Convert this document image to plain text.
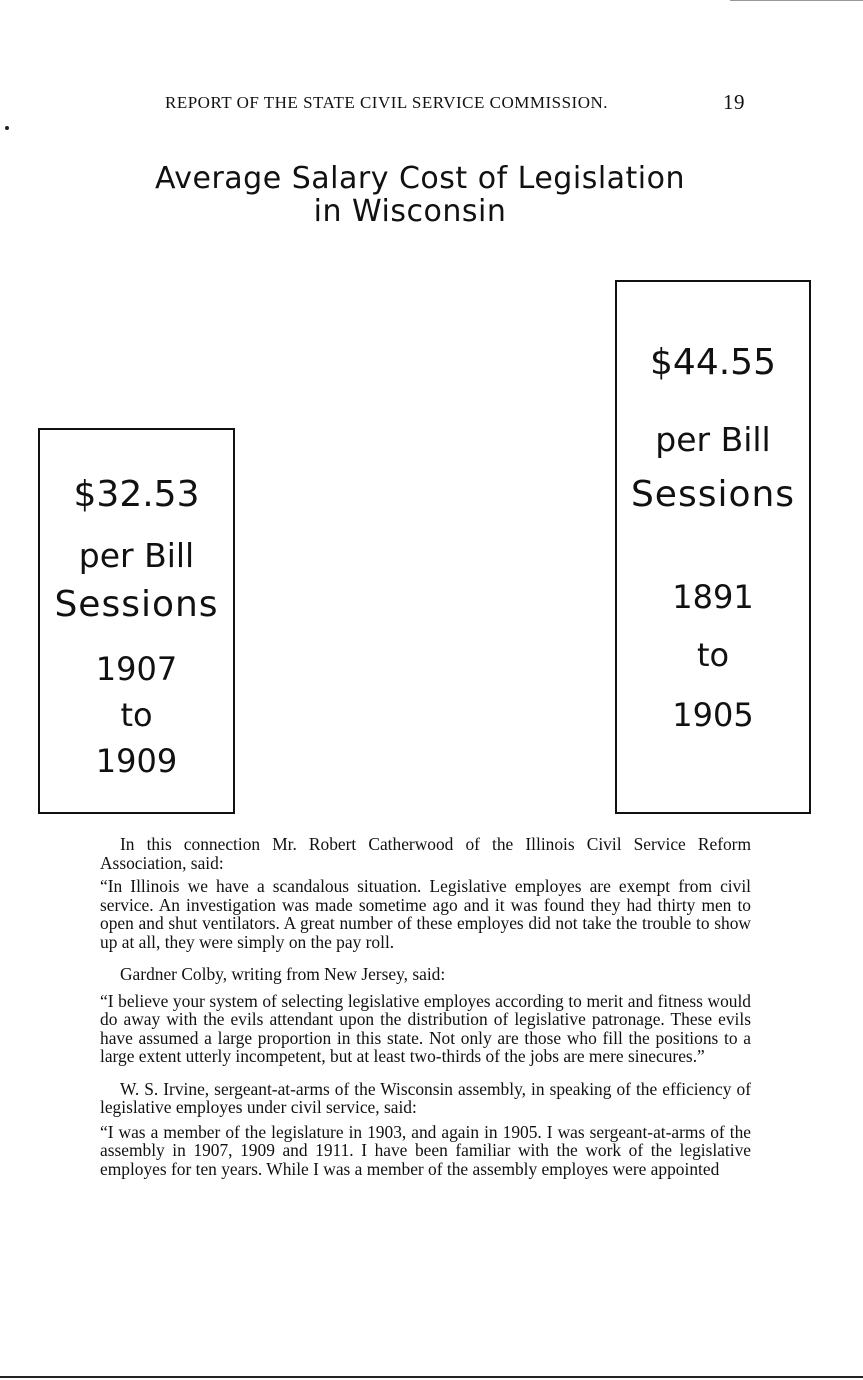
REPORT OF THE STATE CIVIL SERVICE COMMISSION.	19
Average Salary Cost of Legislation
in Wisconsin
$32.53
per Bill
Sessions
1907
to
1909
$44.55
per Bill
Sessions
1891
to
1905

In this connection Mr. Robert Catherwood of the Illinois Civil Service Reform Association, said:

“In Illinois we have a scandalous situation. Legislative employes are exempt from civil service. An investigation was made sometime ago and it was found they had thirty men to open and shut ventilators. A great number of these employes did not take the trouble to show up at all, they were simply on the pay roll.

Gardner Colby, writing from New Jersey, said:

“I believe your system of selecting legislative employes according to merit and fitness would do away with the evils attendant upon the distribution of legislative patronage. These evils have assumed a large proportion in this state. Not only are those who fill the positions to a large extent utterly incompetent, but at least two-thirds of the jobs are mere sinecures.”

W. S. Irvine, sergeant-at-arms of the Wisconsin assembly, in speaking of the efficiency of legislative employes under civil service, said:

“I was a member of the legislature in 1903, and again in 1905. I was sergeant-at-arms of the assembly in 1907, 1909 and 1911. I have been familiar with the work of the legislative employes for ten years. While I was a member of the assembly employes were appointed
